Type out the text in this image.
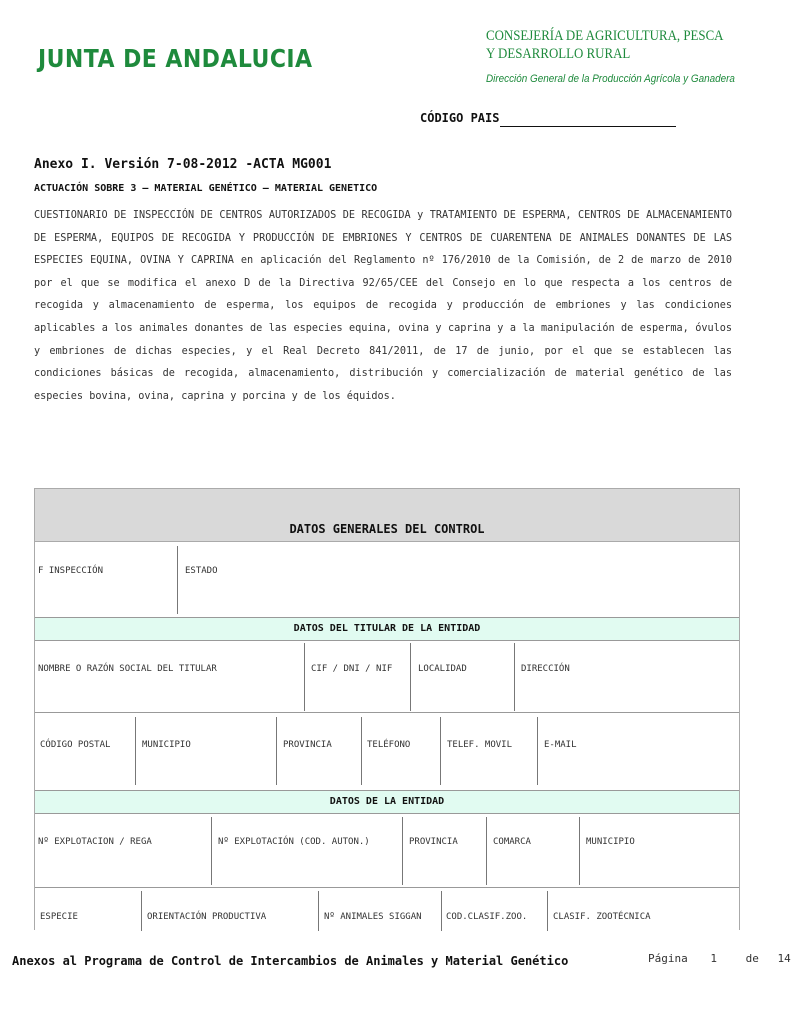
JUNTA DE ANDALUCIA
CONSEJERÍA DE AGRICULTURA, PESCA
Y DESARROLLO RURAL
Dirección General de la Producción Agrícola y Ganadera
CÓDIGO PAIS
Anexo I. Versión 7-08-2012 -ACTA MG001
ACTUACIÓN SOBRE 3 – MATERIAL GENÉTICO – MATERIAL GENETICO
CUESTIONARIO DE INSPECCIÓN DE CENTROS AUTORIZADOS DE RECOGIDA y TRATAMIENTO DE ESPERMA, CENTROS DE ALMACENAMIENTO DE ESPERMA, EQUIPOS DE RECOGIDA Y PRODUCCIÓN DE EMBRIONES Y CENTROS DE CUARENTENA DE ANIMALES DONANTES DE LAS ESPECIES EQUINA, OVINA Y CAPRINA en aplicación del Reglamento nº 176/2010 de la Comisión, de 2 de marzo de 2010 por el que se modifica el anexo D de la Directiva 92/65/CEE del Consejo en lo que respecta a los centros de recogida y almacenamiento de esperma, los equipos de recogida y producción de embriones y las condiciones aplicables a los animales donantes de las especies equina, ovina y caprina y a la manipulación de esperma, óvulos y embriones de dichas especies, y el Real Decreto 841/2011, de 17 de junio, por el que se establecen las condiciones básicas de recogida, almacenamiento, distribución y comercialización de material genético de las especies bovina, ovina, caprina y porcina y de los équidos.
DATOS GENERALES DEL CONTROL
F INSPECCIÓN	ESTADO
DATOS DEL TITULAR DE LA ENTIDAD
NOMBRE O RAZÓN SOCIAL DEL TITULAR	CIF / DNI / NIF	LOCALIDAD	DIRECCIÓN
CÓDIGO POSTAL	MUNICIPIO	PROVINCIA	TELÉFONO	TELEF. MOVIL	E-MAIL
DATOS DE LA ENTIDAD
Nº EXPLOTACION / REGA	Nº EXPLOTACIÓN (COD. AUTON.)	PROVINCIA	COMARCA	MUNICIPIO
ESPECIE	ORIENTACIÓN PRODUCTIVA	Nº ANIMALES SIGGAN	COD.CLASIF.ZOO.	CLASIF. ZOOTÉCNICA
Anexos al Programa de Control de Intercambios de Animales y Material Genético	Página 1	de 14
